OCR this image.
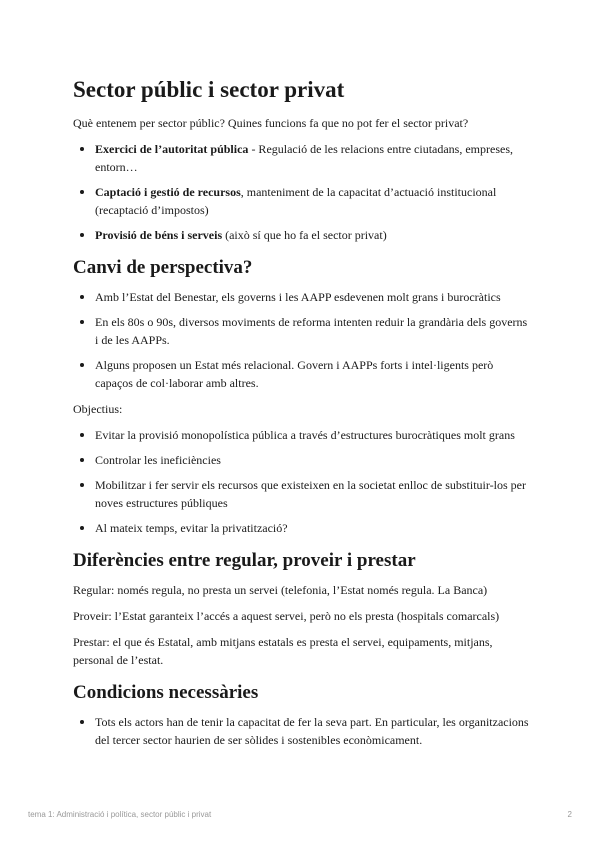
Sector públic i sector privat

Què entenem per sector públic? Quines funcions fa que no pot fer el sector privat?

Exercici de l’autoritat pública - Regulació de les relacions entre ciutadans, empreses, entorn…
Captació i gestió de recursos, manteniment de la capacitat d’actuació institucional (recaptació d’impostos)
Provisió de béns i serveis (això sí que ho fa el sector privat)
Canvi de perspectiva?
Amb l’Estat del Benestar, els governs i les AAPP esdevenen molt grans i burocràtics
En els 80s o 90s, diversos moviments de reforma intenten reduir la grandària dels governs i de les AAPPs.
Alguns proposen un Estat més relacional. Govern i AAPPs forts i intel·ligents però capaços de col·laborar amb altres.

Objectius:

Evitar la provisió monopolística pública a través d’estructures burocràtiques molt grans
Controlar les ineficiències
Mobilitzar i fer servir els recursos que existeixen en la societat enlloc de substituir-los per noves estructures públiques
Al mateix temps, evitar la privatització?
Diferències entre regular, proveir i prestar

Regular: només regula, no presta un servei (telefonia, l’Estat només regula. La Banca)

Proveir: l’Estat garanteix l’accés a aquest servei, però no els presta (hospitals comarcals)

Prestar: el que és Estatal, amb mitjans estatals es presta el servei, equipaments, mitjans, personal de l’estat.

Condicions necessàries
Tots els actors han de tenir la capacitat de fer la seva part. En particular, les organitzacions del tercer sector haurien de ser sòlides i sostenibles econòmicament.
tema 1: Administració i política, sector públic i privat	2
